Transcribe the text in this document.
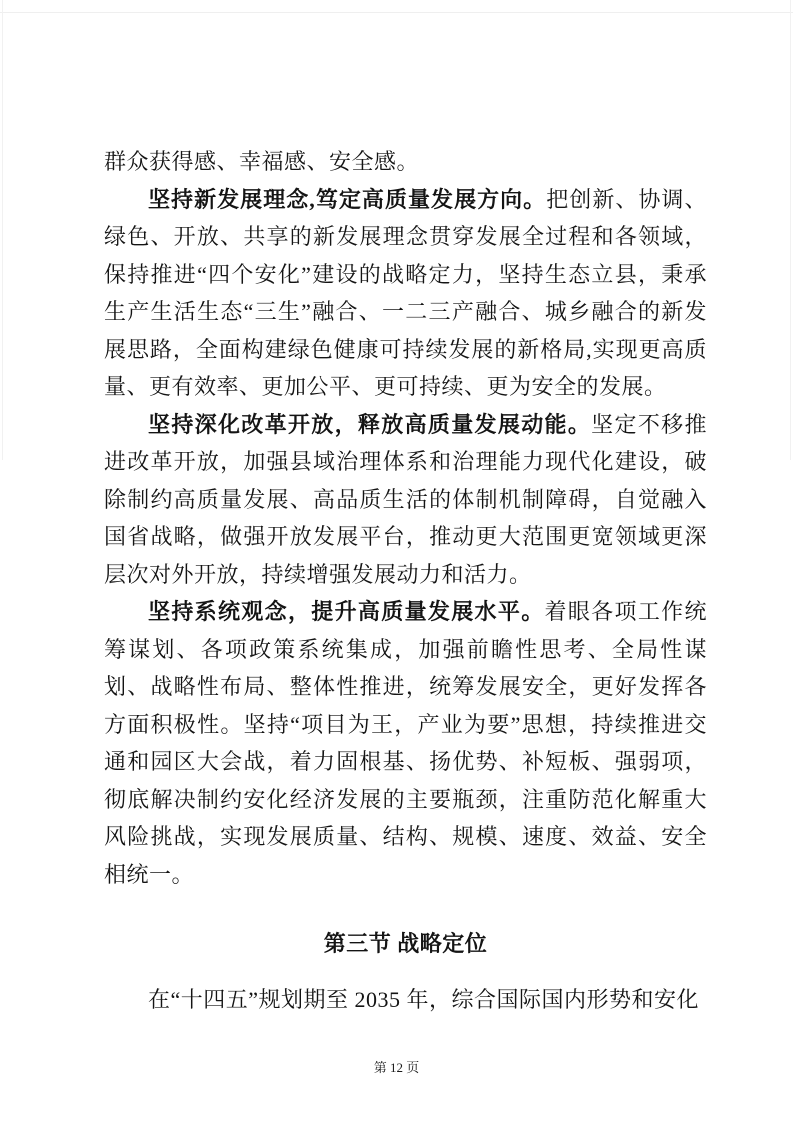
群众获得感、幸福感、安全感。

坚持新发展理念,笃定高质量发展方向。把创新、协调、绿色、开放、共享的新发展理念贯穿发展全过程和各领域，保持推进“四个安化”建设的战略定力，坚持生态立县，秉承生产生活生态“三生”融合、一二三产融合、城乡融合的新发展思路，全面构建绿色健康可持续发展的新格局,实现更高质量、更有效率、更加公平、更可持续、更为安全的发展。

坚持深化改革开放，释放高质量发展动能。坚定不移推进改革开放，加强县域治理体系和治理能力现代化建设，破除制约高质量发展、高品质生活的体制机制障碍，自觉融入国省战略，做强开放发展平台，推动更大范围更宽领域更深层次对外开放，持续增强发展动力和活力。

坚持系统观念，提升高质量发展水平。着眼各项工作统筹谋划、各项政策系统集成，加强前瞻性思考、全局性谋划、战略性布局、整体性推进，统筹发展安全，更好发挥各方面积极性。坚持“项目为王，产业为要”思想，持续推进交通和园区大会战，着力固根基、扬优势、补短板、强弱项，彻底解决制约安化经济发展的主要瓶颈，注重防范化解重大风险挑战，实现发展质量、结构、规模、速度、效益、安全相统一。

第三节 战略定位

在“十四五”规划期至 2035 年，综合国际国内形势和安化

第 12 页
